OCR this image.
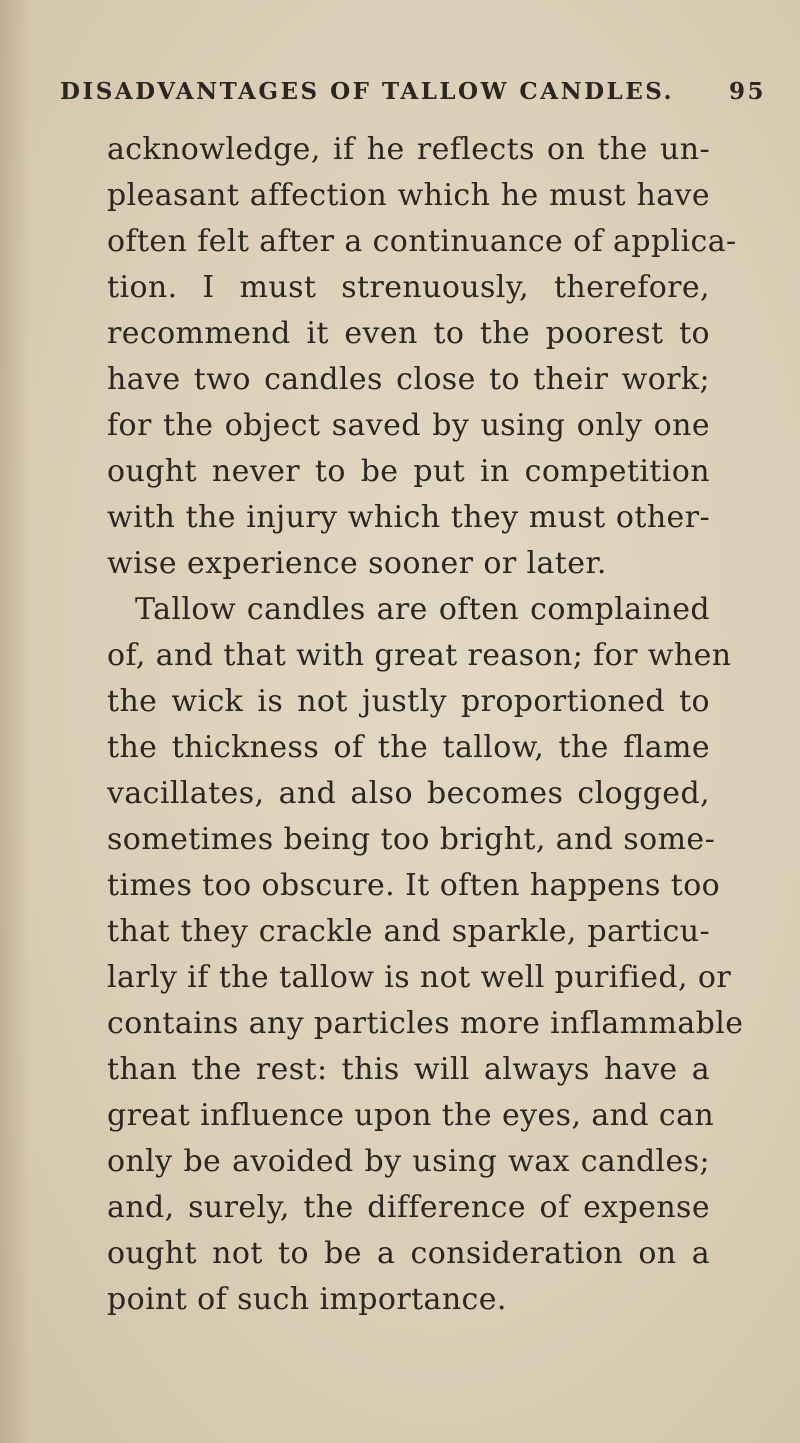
DISADVANTAGES OF TALLOW CANDLES. 95
acknowledge, if he reflects on the un-
pleasant affection which he must have
often felt after a continuance of applica-
tion. I must strenuously, therefore,
recommend it even to the poorest to
have two candles close to their work;
for the object saved by using only one
ought never to be put in competition
with the injury which they must other-
wise experience sooner or later.
Tallow candles are often complained
of, and that with great reason; for when
the wick is not justly proportioned to
the thickness of the tallow, the flame
vacillates, and also becomes clogged,
sometimes being too bright, and some-
times too obscure. It often happens too
that they crackle and sparkle, particu-
larly if the tallow is not well purified, or
contains any particles more inflammable
than the rest: this will always have a
great influence upon the eyes, and can
only be avoided by using wax candles;
and, surely, the difference of expense
ought not to be a consideration on a
point of such importance.
